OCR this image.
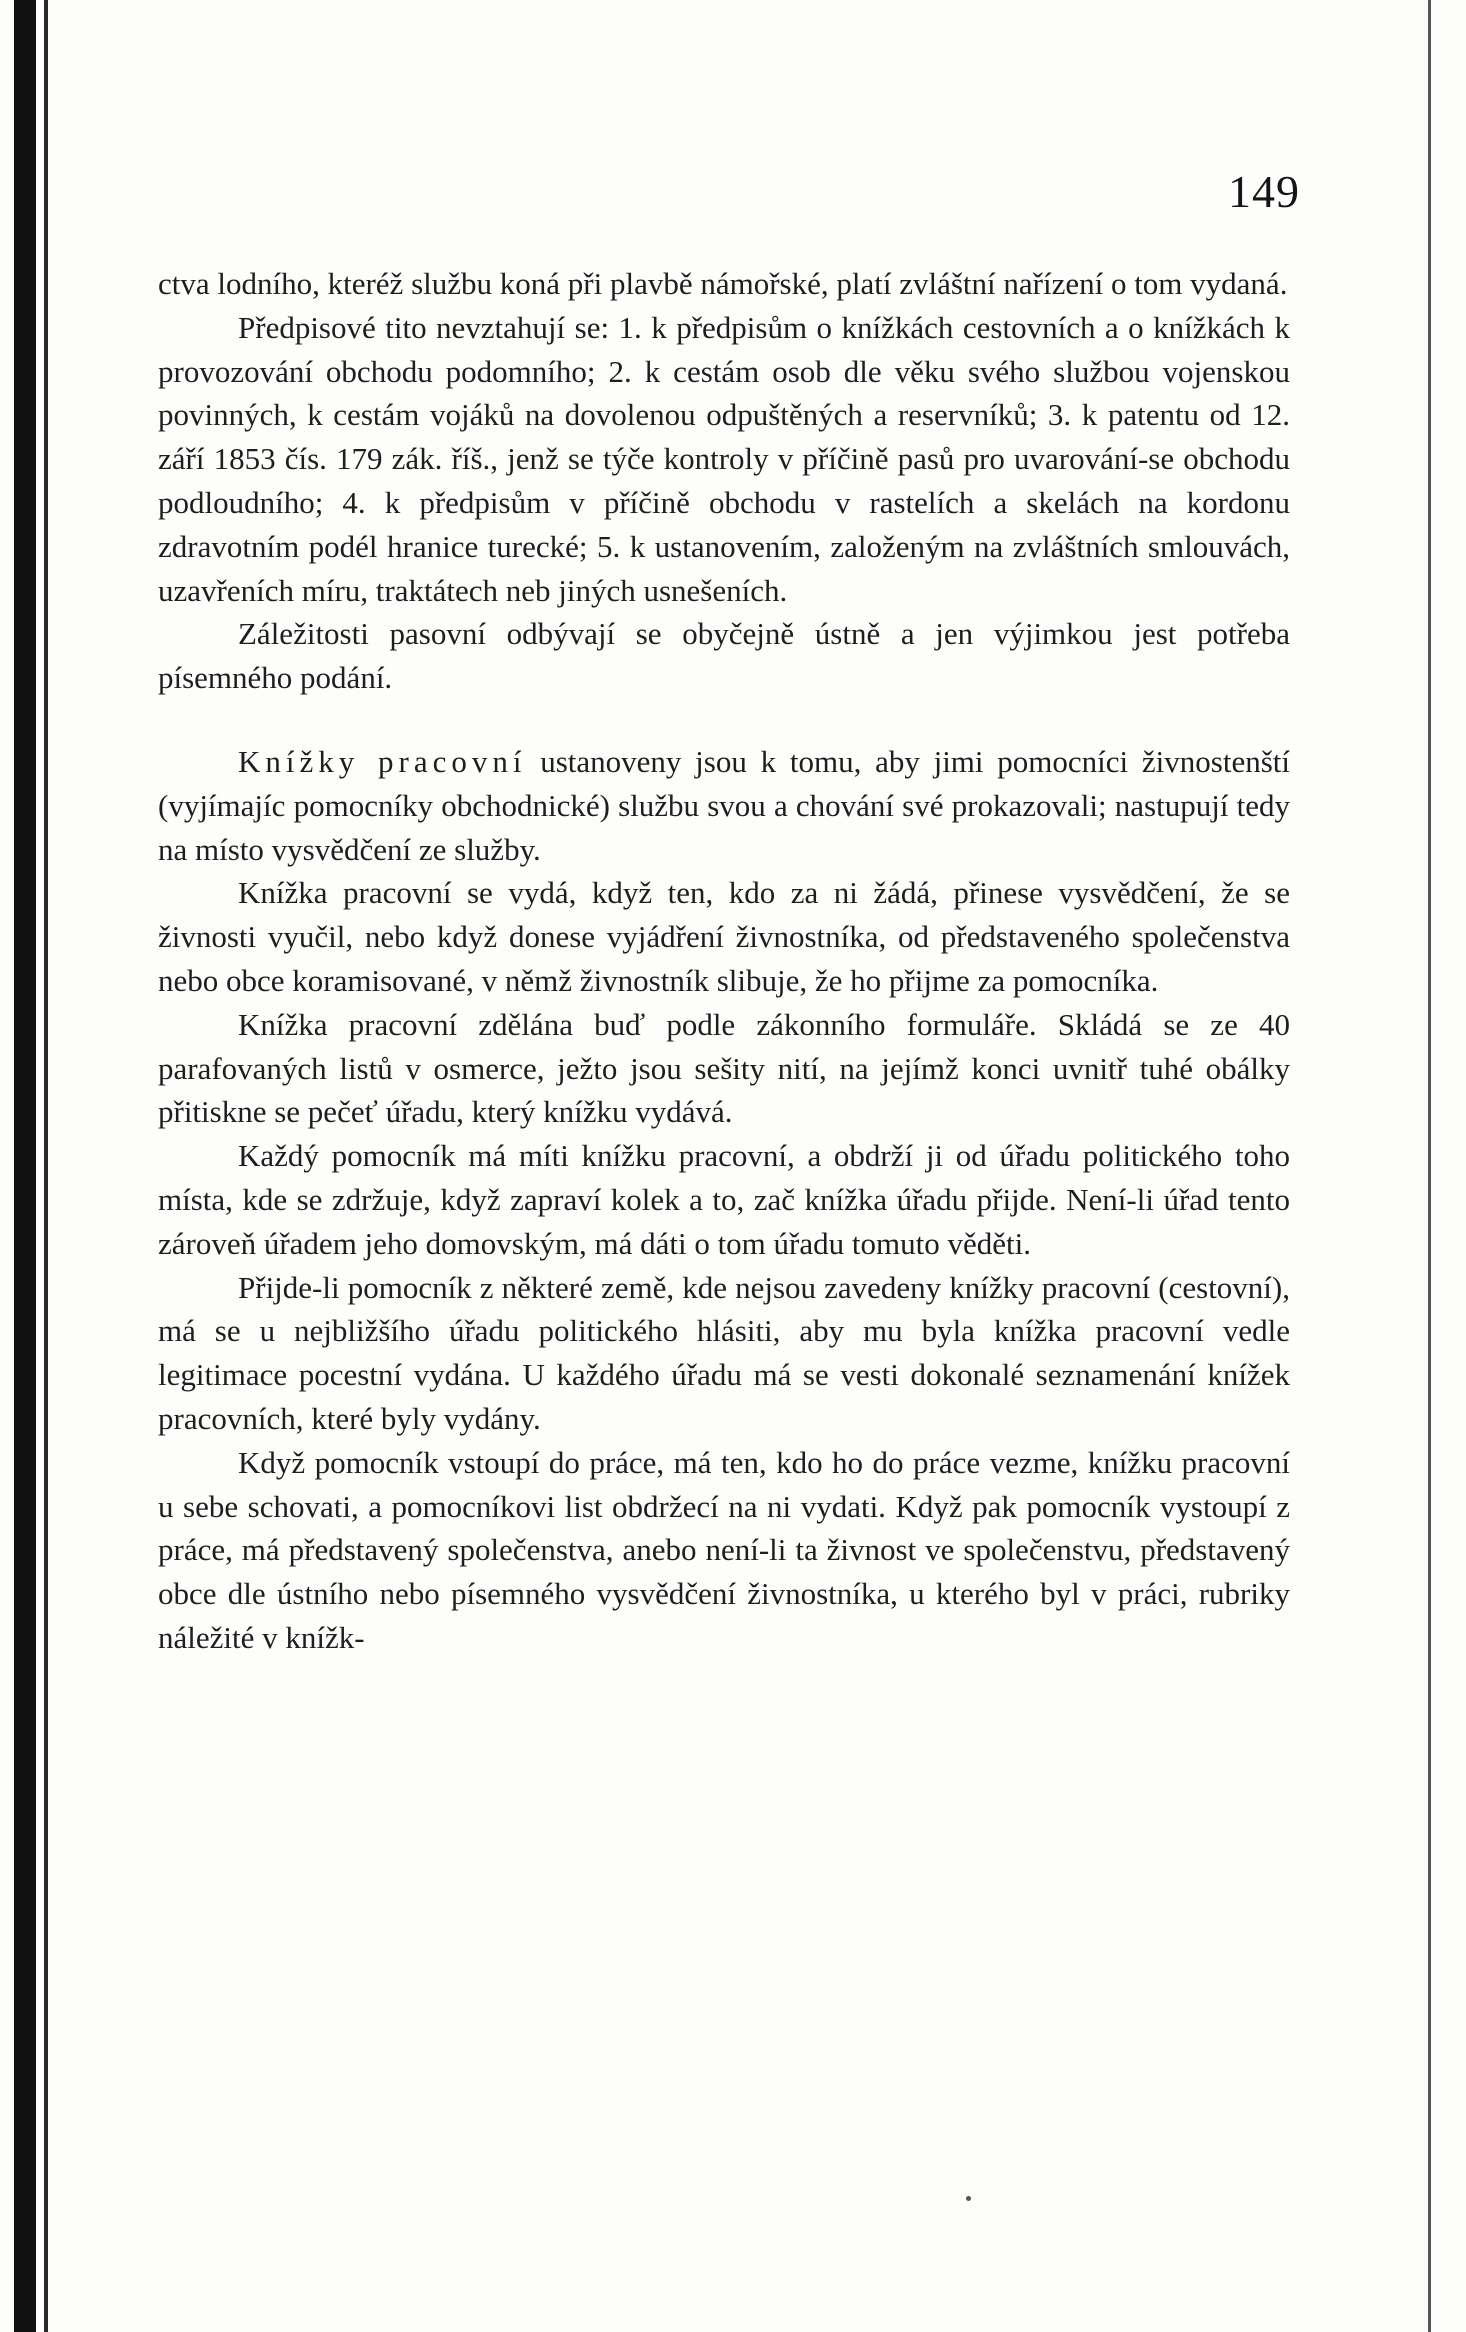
149

ctva lodního, kteréž službu koná při plavbě námořské, platí zvláštní nařízení o tom vydaná.

Předpisové tito nevztahují se: 1. k předpisům o knížkách cestovních a o knížkách k provozování obchodu podomního; 2. k cestám osob dle věku svého službou vojenskou povinných, k cestám vojáků na dovolenou odpuštěných a reservníků; 3. k patentu od 12. září 1853 čís. 179 zák. říš., jenž se týče kontroly v příčině pasů pro uvarování-se obchodu podloudního; 4. k předpisům v příčině obchodu v rastelích a skelách na kordonu zdravotním podél hranice turecké; 5. k ustanovením, založeným na zvláštních smlouvách, uzavřeních míru, traktátech neb jiných usnešeních.

Záležitosti pasovní odbývají se obyčejně ústně a jen výjimkou jest potřeba písemného podání.

Knížky pracovní ustanoveny jsou k tomu, aby jimi pomocníci živnostenští (vyjímajíc pomocníky obchodnické) službu svou a chování své prokazovali; nastupují tedy na místo vysvědčení ze služby.

Knížka pracovní se vydá, když ten, kdo za ni žádá, přinese vysvědčení, že se živnosti vyučil, nebo když donese vyjádření živnostníka, od představeného společenstva nebo obce koramisované, v němž živnostník slibuje, že ho přijme za pomocníka.

Knížka pracovní zdělána buď podle zákonního formuláře. Skládá se ze 40 parafovaných listů v osmerce, ježto jsou sešity nití, na jejímž konci uvnitř tuhé obálky přitiskne se pečeť úřadu, který knížku vydává.

Každý pomocník má míti knížku pracovní, a obdrží ji od úřadu politického toho místa, kde se zdržuje, když zapraví kolek a to, zač knížka úřadu přijde. Není-li úřad tento zároveň úřadem jeho domovským, má dáti o tom úřadu tomuto věděti.

Přijde-li pomocník z některé země, kde nejsou zavedeny knížky pracovní (cestovní), má se u nejbližšího úřadu politického hlásiti, aby mu byla knížka pracovní vedle legitimace pocestní vydána. U každého úřadu má se vesti dokonalé seznamenání knížek pracovních, které byly vydány.

Když pomocník vstoupí do práce, má ten, kdo ho do práce vezme, knížku pracovní u sebe schovati, a pomocníkovi list obdržecí na ni vydati. Když pak pomocník vystoupí z práce, má představený společenstva, anebo není-li ta živnost ve společenstvu, představený obce dle ústního nebo písemného vysvědčení živnostníka, u kterého byl v práci, rubriky náležité v knížk-
